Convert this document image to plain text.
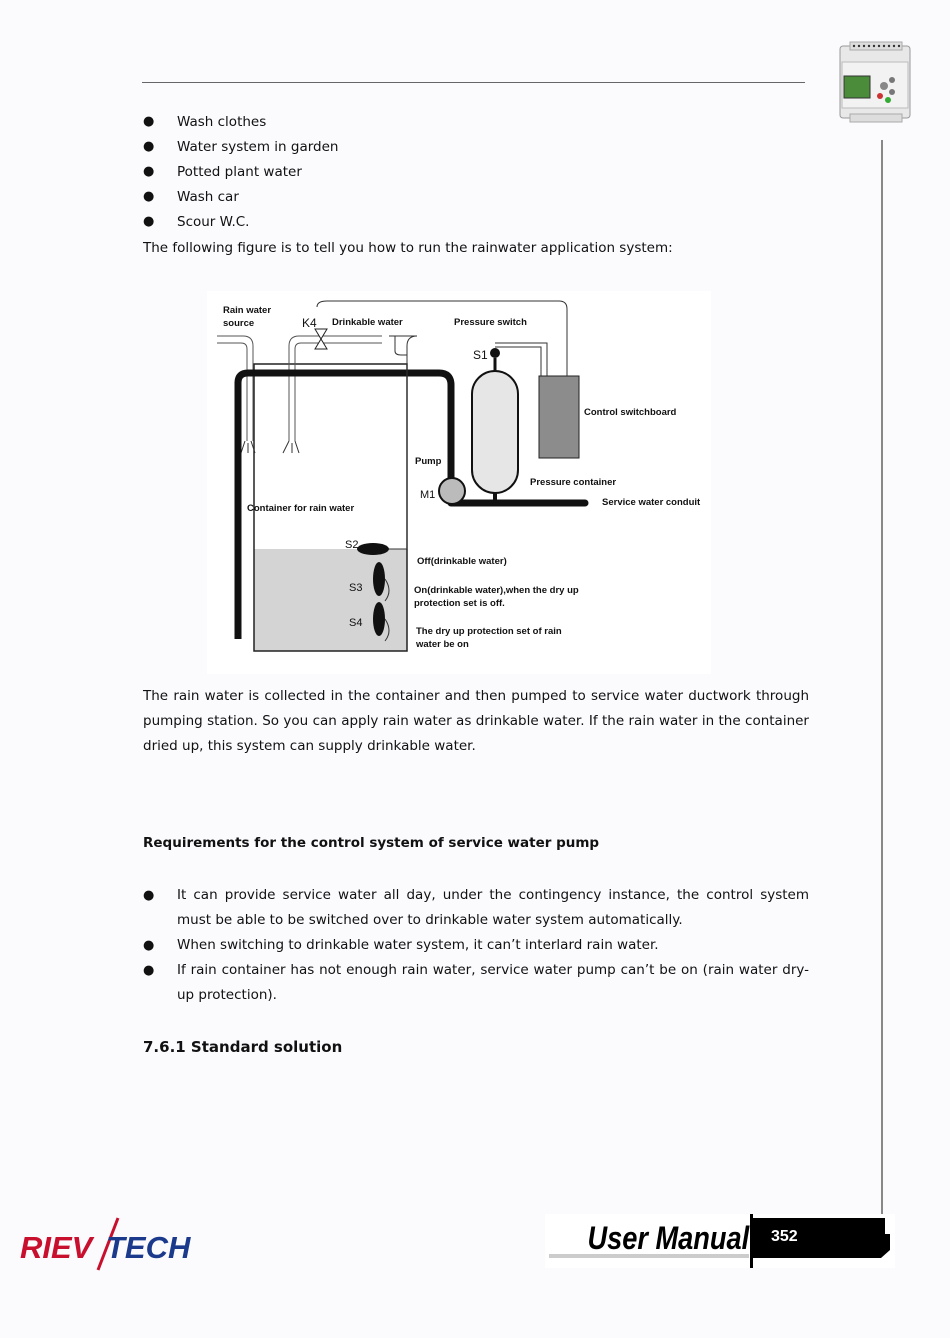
● Wash clothes
● Water system in garden
● Potted plant water
● Wash car
● Scour W.C.
The following figure is to tell you how to run the rainwater application system:
Rain water
source	K4 Drinkable water	Pressure switch
S1
Control switchboard
Pump
M1
Pressure container
Service water conduit
Container for rain water
S2
S3
S4
Off(drinkable water)
On(drinkable water),when the dry up
protection set is off.
The dry up protection set of rain
water be on
The rain water is collected in the container and then pumped to service water ductwork through pumping station. So you can apply rain water as drinkable water. If the rain water in the container dried up, this system can supply drinkable water.
Requirements for the control system of service water pump
● It can provide service water all day, under the contingency instance, the control system must be able to be switched over to drinkable water system automatically.
● When switching to drinkable water system, it can’t interlard rain water.
● If rain container has not enough rain water, service water pump can’t be on (rain water dry-up protection).
7.6.1 Standard solution
RIEV TECH	User Manual 352
